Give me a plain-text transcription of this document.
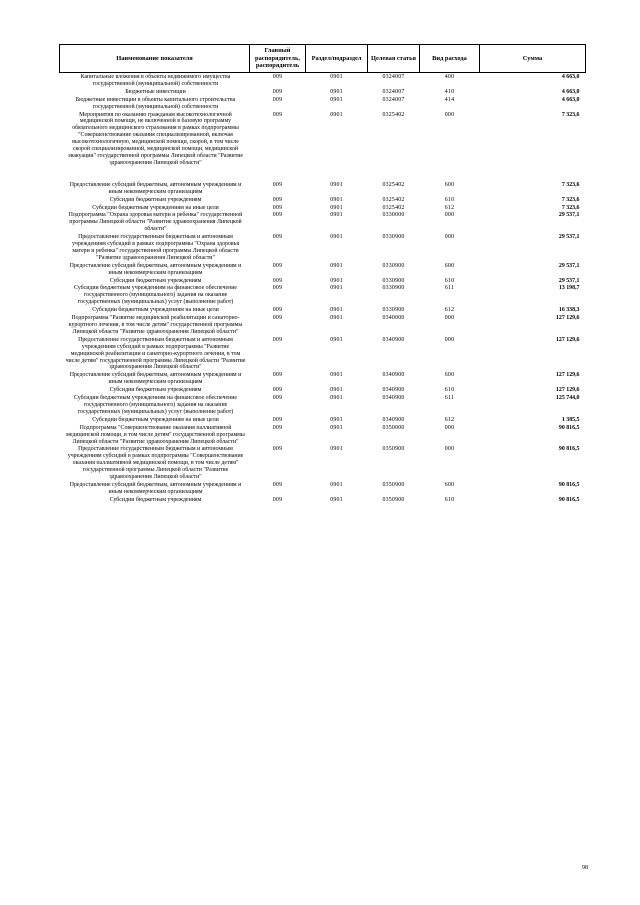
Наименование показателя	Главный распорядитель, распорядитель	Раздел/подраздел	Целевая статья	Вид расхода	Сумма
Капитальные вложения в объекты недвижимого имущества государственной (муниципальной) собственности	009	0901	0324007	400	4 663,0
Бюджетные инвестиции	009	0901	0324007	410	4 663,0
Бюджетные инвестиции в объекты капитального строительства государственной (муниципальной) собственности	009	0901	0324007	414	4 663,0
Мероприятия по оказанию гражданам высокотехнологичной медицинской помощи, не включенной в базовую программу обязательного медицинского страхования в рамках подпрограммы "Совершенствование оказания специализированной, включая высокотехнологичную, медицинской помощи, скорой, в том числе скорой специализированной, медицинской помощи, медицинской эвакуации" государственной программы Липецкой области "Развитие здравоохранения Липецкой области"	009	0901	0325402	000	7 323,6

Предоставление субсидий бюджетным, автономным учреждениям и иным некоммерческим организациям	009	0901	0325402	600	7 323,6
Субсидии бюджетным учреждениям	009	0901	0325402	610	7 323,6
Субсидии бюджетным учреждениям на иные цели	009	0901	0325402	612	7 323,6
Подпрограмма "Охрана здоровья матери и ребенка" государственной программы Липецкой области "Развитие здравоохранения Липецкой области"	009	0901	0330000	000	29 537,1
Предоставление государственным бюджетным и автономным учреждениям субсидий в рамках подпрограммы "Охрана здоровья матери и ребенка" государственной программы Липецкой области "Развитие здравоохранения Липецкой области"	009	0901	0330900	000	29 537,1
Предоставление субсидий бюджетным, автономным учреждениям и иным некоммерческим организациям	009	0901	0330900	600	29 537,1
Субсидии бюджетным учреждениям	009	0901	0330900	610	29 537,1
Субсидии бюджетным учреждениям на финансовое обеспечение государственного (муниципального) задания на оказание государственных (муниципальных) услуг (выполнение работ)	009	0901	0330900	611	13 198,7
Субсидии бюджетным учреждениям на иные цели	009	0901	0330900	612	16 338,3
Подпрограмма "Развитие медицинской реабилитации и санаторно-курортного лечения, в том числе детям" государственной программы Липецкой области "Развитие здравоохранения Липецкой области"	009	0901	0340000	000	127 129,6
Предоставление государственным бюджетным и автономным учреждениям субсидий в рамках подпрограммы "Развитие медицинской реабилитации и санаторно-курортного лечения, в том числе детям" государственной программы Липецкой области "Развитие здравоохранения Липецкой области"	009	0901	0340900	000	127 129,6
Предоставление субсидий бюджетным, автономным учреждениям и иным некоммерческим организациям	009	0901	0340900	600	127 129,6
Субсидии бюджетным учреждениям	009	0901	0340900	610	127 129,6
Субсидии бюджетным учреждениям на финансовое обеспечение государственного (муниципального) задания на оказание государственных (муниципальных) услуг (выполнение работ)	009	0901	0340900	611	125 744,0
Субсидии бюджетным учреждениям на иные цели	009	0901	0340900	612	1 385,5
Подпрограмма "Совершенствование оказания паллиативной медицинской помощи, в том числе детям" государственной программы Липецкой области "Развитие здравоохранения Липецкой области"	009	0901	0350000	000	90 816,5
Предоставление государственным бюджетным и автономным учреждениям субсидий в рамках подпрограммы "Совершенствование оказания паллиативной медицинской помощи, в том числе детям" государственной программы Липецкой области "Развитие здравоохранения Липецкой области"	009	0901	0350900	000	90 816,5
Предоставление субсидий бюджетным, автономным учреждениям и иным некоммерческим организациям	009	0901	0350900	600	90 816,5
Субсидии бюджетным учреждениям	009	0901	0350900	610	90 816,5
98
